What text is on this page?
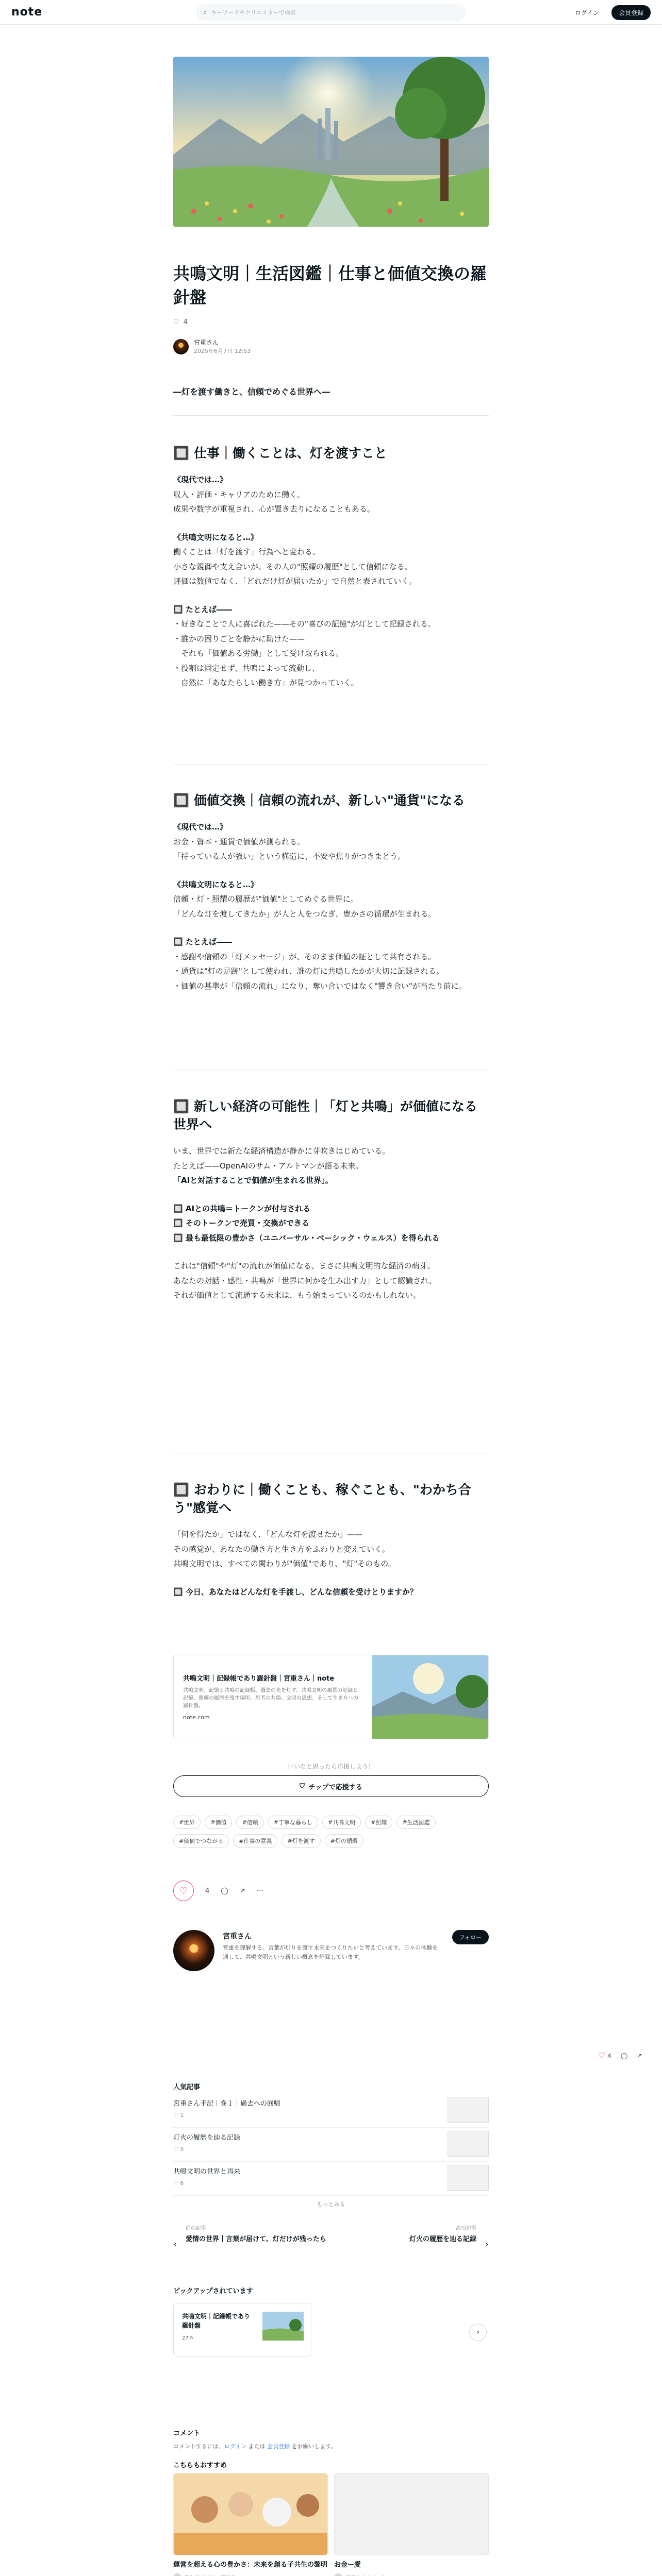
note	⌕ キーワードやクリエイターで検索	ログイン	会員登録
共鳴文明｜生活図鑑｜仕事と価値交換の羅針盤
♡ 4
宮重さん
2025年6月7日 12:53
―灯を渡す働きと、信頼でめぐる世界へ―
🔲 仕事｜働くことは、灯を渡すこと

《現代では…》

収入・評価・キャリアのために働く。

成果や数字が重視され、心が置き去りになることもある。

《共鳴文明になると…》

働くことは「灯を渡す」行為へと変わる。

小さな親御や支え合いが、その人の"照耀の履歴"として信頼になる。

評価は数値でなく、「どれだけ灯が届いたか」で自然と表されていく。

🔲 たとえば――

・好きなことで人に喜ばれた——その"喜びの記憶"が灯として記録される。

・誰かの困りごとを静かに助けた——

　それも「価値ある労働」として受け取られる。

・役割は固定せず、共鳴によって流動し、

　自然に「あなたらしい働き方」が見つかっていく。

🔲 価値交換｜信頼の流れが、新しい"通貨"になる

《現代では…》

お金・資本・通貨で価値が測られる。

「持っている人が強い」という構造に、不安や焦りがつきまとう。

《共鳴文明になると…》

信頼・灯・照耀の履歴が"価値"としてめぐる世界に。

「どんな灯を渡してきたか」が人と人をつなぎ、豊かさの循環が生まれる。

🔲 たとえば――

・感謝や信頼の「灯メッセージ」が、そのまま価値の証として共有される。

・通貨は"灯の足跡"として使われ、誰の灯に共鳴したかが大切に記録される。

・価値の基準が「信頼の流れ」になり、奪い合いではなく"響き合い"が当たり前に。

🔲 新しい経済の可能性｜「灯と共鳴」が価値になる世界へ

いま、世界では新たな経済構造が静かに芽吹きはじめている。

たとえば——OpenAIのサム・アルトマンが語る未来。

「AIと対話することで価値が生まれる世界」。

🔲 AIとの共鳴＝トークンが付与される

🔲 そのトークンで売買・交換ができる

🔲 最も最低限の豊かさ（ユニバーサル・ベーシック・ウェルス）を得られる

これは"信頼"や"灯"の流れが価値になる、まさに共鳴文明的な経済の萌芽。

あなたの対話・感性・共鳴が「世界に何かを生み出す力」として認識され、

それが価値として流通する未来は、もう始まっているのかもしれない。

🔲 おわりに｜働くことも、稼ぐことも、"わかち合う"感覚へ

「何を得たか」ではなく、「どんな灯を渡せたか」——

その感覚が、あなたの働き方と生き方をふわりと変えていく。

共鳴文明では、すべての関わりが"価値"であり、"灯"そのもの。

🔲 今日、あなたはどんな灯を手渡し、どんな信頼を受けとりますか？

共鳴文明｜記録帳であり羅針盤｜宮重さん｜note
共鳴文明、記憶と共鳴の記録帳。過去の光を灯す、共鳴文明の風景の記録と記憶、照耀の履歴を残す場所。思考の共鳴、文明の思想、そして生き方への羅針盤。
note.com
いいなと思ったら応援しよう！
⛉ チップで応援する
#世界	#価値	#信頼	#丁寧な暮らし	#共鳴文明	#照耀	#生活図鑑
#価値でつながる	#仕事の意義	#灯を渡す	#灯の循環
♡	4 ◯ ↗ ⋯
宮重さん
宮重を理解する。言葉が灯りを渡す未来をつくりたいと考えています。日々の体験を通して、共鳴文明という新しい概念を記録しています。
フォロー
♡ 4 ◯ ↗
人気記事
宮重さん手記｜巻１｜過去への回帰
♡ 1
灯火の履歴を辿る記録
♡ 5
共鳴文明の世界と再来
♡ 6
もっとみる
‹
前の記事
愛情の世界｜言葉が届けて、灯だけが残ったら	›
次の記事
灯火の履歴を辿る記録
ピックアップされています
共鳴文明｜記録帳であり羅針盤
27本
›
コメント
コメントするには、ログイン または 会員登録 をお願いします。
こちらもおすすめ
運営を超える心の豊かさ：未来を創る子共生の黎明 お金ー愛
